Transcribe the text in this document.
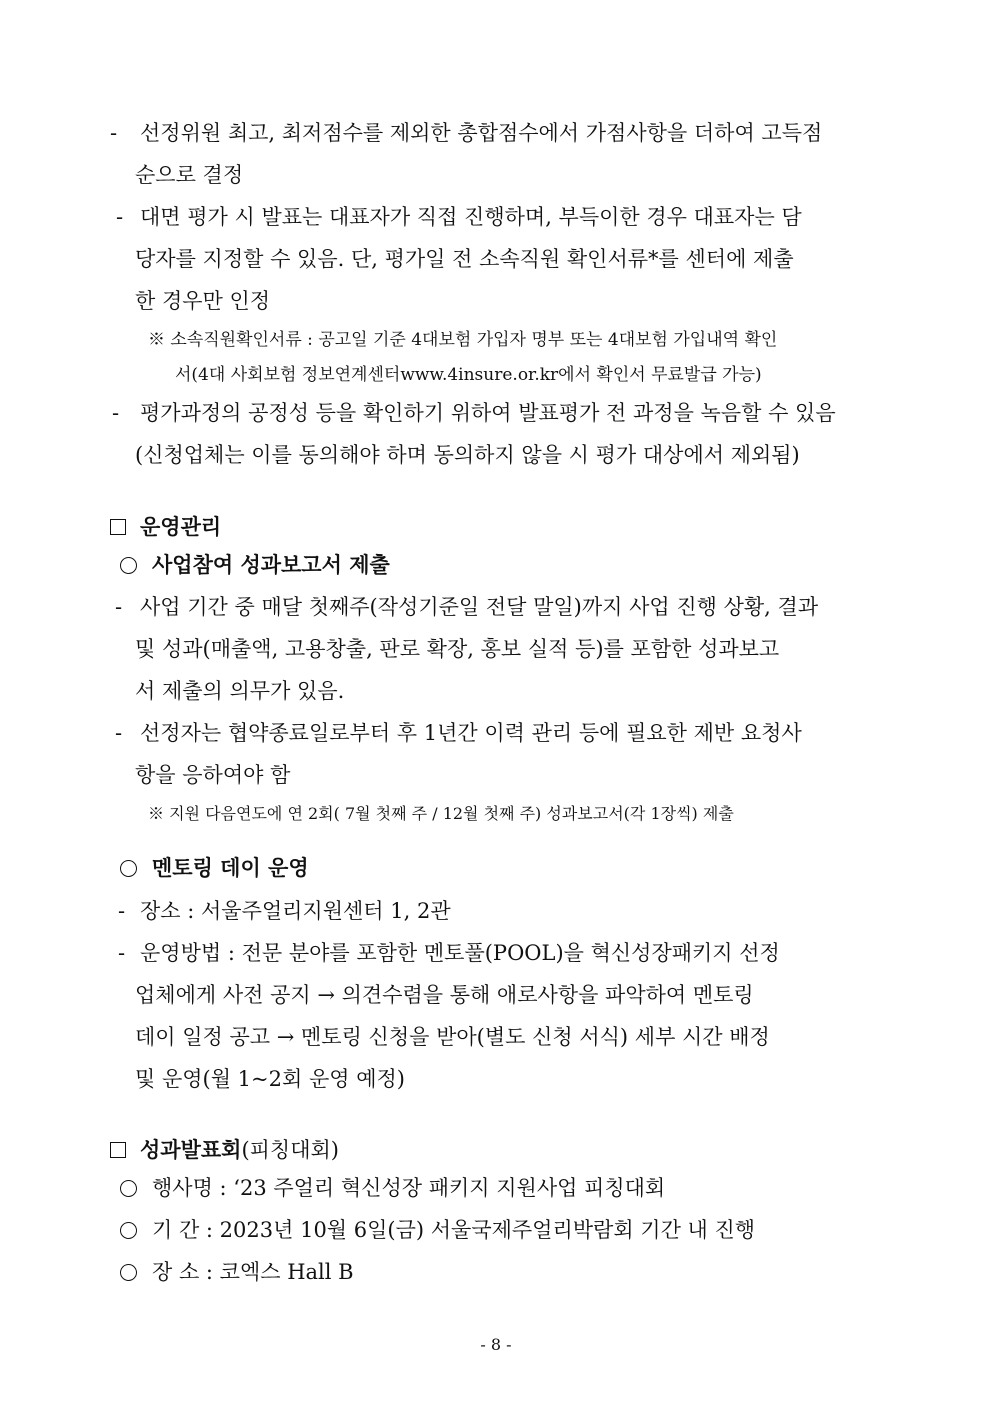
- 선정위원 최고, 최저점수를 제외한 총합점수에서 가점사항을 더하여 고득점
순으로 결정
- 대면 평가 시 발표는 대표자가 직접 진행하며, 부득이한 경우 대표자는 담
당자를 지정할 수 있음. 단, 평가일 전 소속직원 확인서류*를 센터에 제출
한 경우만 인정
※ 소속직원확인서류 : 공고일 기준 4대보험 가입자 명부 또는 4대보험 가입내역 확인
서(4대 사회보험 정보연계센터www.4insure.or.kr에서 확인서 무료발급 가능)
- 평가과정의 공정성 등을 확인하기 위하여 발표평가 전 과정을 녹음할 수 있음
(신청업체는 이를 동의해야 하며 동의하지 않을 시 평가 대상에서 제외됨)
운영관리
사업참여 성과보고서 제출
- 사업 기간 중 매달 첫째주(작성기준일 전달 말일)까지 사업 진행 상황, 결과
및 성과(매출액, 고용창출, 판로 확장, 홍보 실적 등)를 포함한 성과보고
서 제출의 의무가 있음.
- 선정자는 협약종료일로부터 후 1년간 이력 관리 등에 필요한 제반 요청사
항을 응하여야 함
※ 지원 다음연도에 연 2회( 7월 첫째 주 / 12월 첫째 주) 성과보고서(각 1장씩) 제출
멘토링 데이 운영
- 장소 : 서울주얼리지원센터 1, 2관
- 운영방법 : 전문 분야를 포함한 멘토풀(POOL)을 혁신성장패키지 선정
업체에게 사전 공지 → 의견수렴을 통해 애로사항을 파악하여 멘토링
데이 일정 공고 → 멘토링 신청을 받아(별도 신청 서식) 세부 시간 배정
및 운영(월 1~2회 운영 예정)
성과발표회(피칭대회)
행사명 : ‘23 주얼리 혁신성장 패키지 지원사업 피칭대회
기 간 : 2023년 10월 6일(금) 서울국제주얼리박람회 기간 내 진행
장 소 : 코엑스 Hall B
- 8 -
